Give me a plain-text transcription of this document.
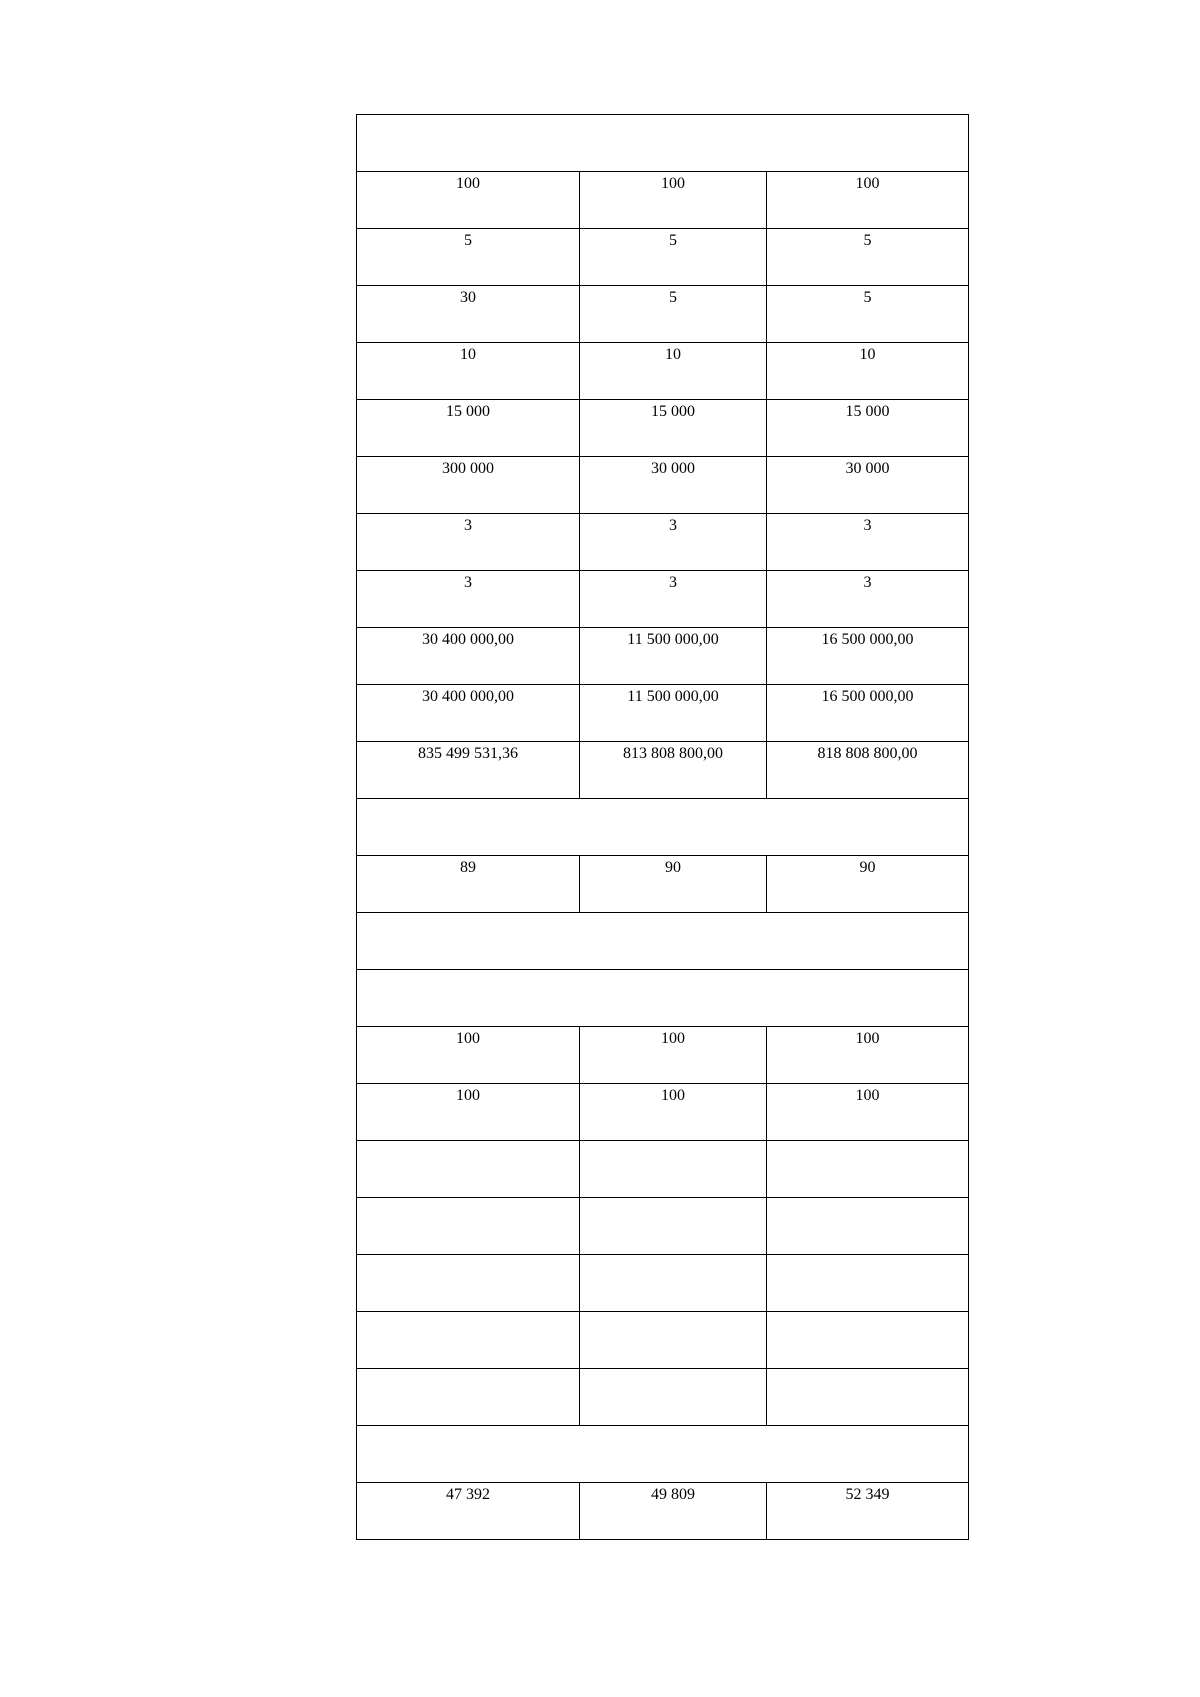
100	100	100

5	5	5

30	5	5

10	10	10

15 000	15 000	15 000

300 000	30 000	30 000

3	3	3

3	3	3

30 400 000,00	11 500 000,00	16 500 000,00

30 400 000,00	11 500 000,00	16 500 000,00

835 499 531,36	813 808 800,00	818 808 800,00

89	90	90

100	100	100

100	100	100

47 392	49 809	52 349
